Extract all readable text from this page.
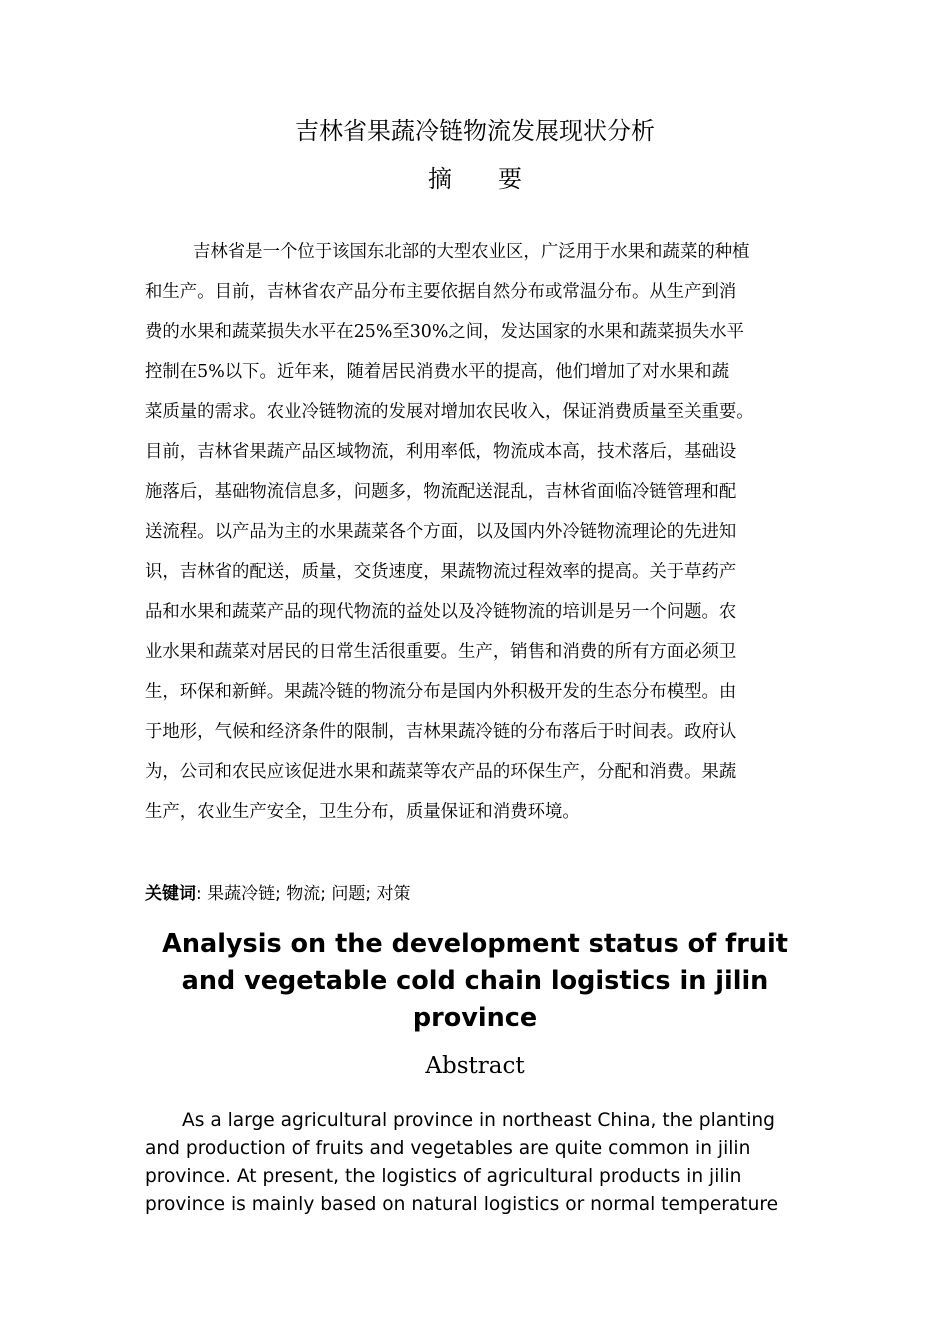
吉林省果蔬冷链物流发展现状分析
摘 要
吉林省是一个位于该国东北部的大型农业区，广泛用于水果和蔬菜的种植
和生产。目前，吉林省农产品分布主要依据自然分布或常温分布。从生产到消
费的水果和蔬菜损失水平在25%至30%之间，发达国家的水果和蔬菜损失水平
控制在5%以下。近年来，随着居民消费水平的提高，他们增加了对水果和蔬
菜质量的需求。农业冷链物流的发展对增加农民收入，保证消费质量至关重要。
目前，吉林省果蔬产品区域物流，利用率低，物流成本高，技术落后，基础设
施落后，基础物流信息多，问题多，物流配送混乱，吉林省面临冷链管理和配
送流程。以产品为主的水果蔬菜各个方面，以及国内外冷链物流理论的先进知
识，吉林省的配送，质量，交货速度，果蔬物流过程效率的提高。关于草药产
品和水果和蔬菜产品的现代物流的益处以及冷链物流的培训是另一个问题。农
业水果和蔬菜对居民的日常生活很重要。生产，销售和消费的所有方面必须卫
生，环保和新鲜。果蔬冷链的物流分布是国内外积极开发的生态分布模型。由
于地形，气候和经济条件的限制，吉林果蔬冷链的分布落后于时间表。政府认
为，公司和农民应该促进水果和蔬菜等农产品的环保生产，分配和消费。果蔬
生产，农业生产安全，卫生分布，质量保证和消费环境。
关键词: 果蔬冷链; 物流; 问题; 对策
Analysis on the development status of fruit
and vegetable cold chain logistics in jilin
province
Abstract
As a large agricultural province in northeast China, the planting
and production of fruits and vegetables are quite common in jilin
province. At present, the logistics of agricultural products in jilin
province is mainly based on natural logistics or normal temperature
